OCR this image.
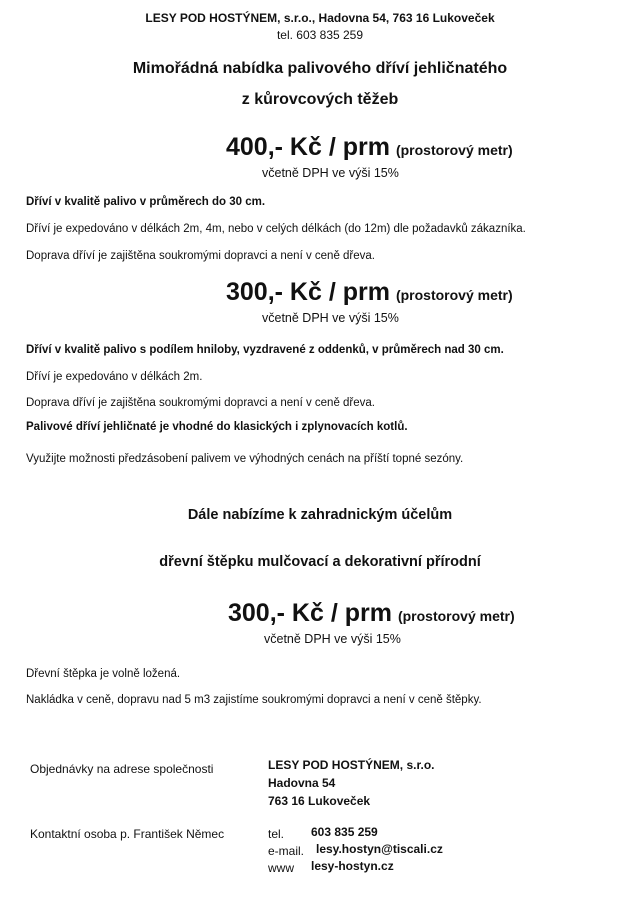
LESY POD HOSTÝNEM, s.r.o., Hadovna 54, 763 16 Lukoveček
tel. 603 835 259
Mimořádná nabídka palivového dříví jehličnatého
z kůrovcových těžeb
400,- Kč / prm (prostorový metr)
včetně DPH ve výši 15%
Dříví v kvalitě palivo v průměrech do 30 cm.
Dříví je expedováno v délkách 2m, 4m, nebo v celých délkách (do 12m) dle požadavků zákazníka.
Doprava dříví je zajištěna soukromými dopravci a není v ceně dřeva.
300,- Kč / prm (prostorový metr)
včetně DPH ve výši 15%
Dříví v kvalitě palivo s podílem hniloby, vyzdravené z oddenků, v průměrech nad 30 cm.
Dříví je expedováno v délkách 2m.
Doprava dříví je zajištěna soukromými dopravci a není v ceně dřeva.
Palivové dříví jehličnaté je vhodné do klasických i zplynovacích kotlů.
Využijte možnosti předzásobení palivem ve výhodných cenách na příští topné sezóny.
Dále nabízíme k zahradnickým účelům
dřevní štěpku mulčovací a dekorativní přírodní
300,- Kč / prm (prostorový metr)
včetně DPH ve výši 15%
Dřevní štěpka je volně ložená.
Nakládka v ceně, dopravu nad 5 m3 zajistíme soukromými dopravci a není v ceně štěpky.
Objednávky na adrese společnosti	LESY POD HOSTÝNEM, s.r.o.
Hadovna 54
763 16 Lukoveček
Kontaktní osoba p. František Němec	tel. 603 835 259
e-mail. lesy.hostyn@tiscali.cz
www lesy-hostyn.cz
